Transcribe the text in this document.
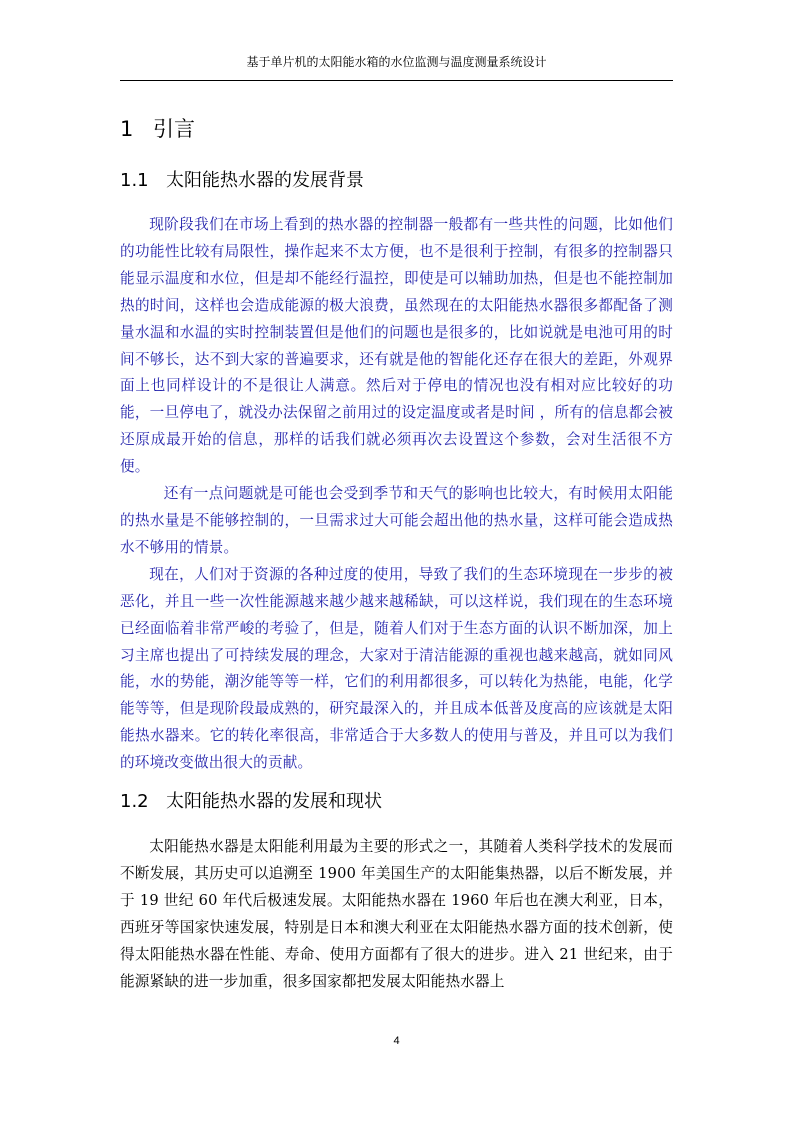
基于单片机的太阳能水箱的水位监测与温度测量系统设计
1 引言
1.1 太阳能热水器的发展背景

现阶段我们在市场上看到的热水器的控制器一般都有一些共性的问题，比如他们的功能性比较有局限性，操作起来不太方便，也不是很利于控制，有很多的控制器只能显示温度和水位，但是却不能经行温控，即使是可以辅助加热，但是也不能控制加热的时间，这样也会造成能源的极大浪费，虽然现在的太阳能热水器很多都配备了测量水温和水温的实时控制装置但是他们的问题也是很多的，比如说就是电池可用的时间不够长，达不到大家的普遍要求，还有就是他的智能化还存在很大的差距，外观界面上也同样设计的不是很让人满意。然后对于停电的情况也没有相对应比较好的功能，一旦停电了，就没办法保留之前用过的设定温度或者是时间 ，所有的信息都会被还原成最开始的信息，那样的话我们就必须再次去设置这个参数，会对生活很不方便。

还有一点问题就是可能也会受到季节和天气的影响也比较大，有时候用太阳能的热水量是不能够控制的，一旦需求过大可能会超出他的热水量，这样可能会造成热水不够用的情景。

现在，人们对于资源的各种过度的使用，导致了我们的生态环境现在一步步的被恶化，并且一些一次性能源越来越少越来越稀缺，可以这样说，我们现在的生态环境已经面临着非常严峻的考验了，但是，随着人们对于生态方面的认识不断加深，加上习主席也提出了可持续发展的理念，大家对于清洁能源的重视也越来越高，就如同风能，水的势能，潮汐能等等一样，它们的利用都很多，可以转化为热能，电能，化学能等等，但是现阶段最成熟的，研究最深入的，并且成本低普及度高的应该就是太阳能热水器来。它的转化率很高，非常适合于大多数人的使用与普及，并且可以为我们的环境改变做出很大的贡献。

1.2 太阳能热水器的发展和现状

太阳能热水器是太阳能利用最为主要的形式之一，其随着人类科学技术的发展而不断发展，其历史可以追溯至 1900 年美国生产的太阳能集热器，以后不断发展，并于 19 世纪 60 年代后极速发展。太阳能热水器在 1960 年后也在澳大利亚，日本，西班牙等国家快速发展，特别是日本和澳大利亚在太阳能热水器方面的技术创新，使得太阳能热水器在性能、寿命、使用方面都有了很大的进步。进入 21 世纪来，由于能源紧缺的进一步加重，很多国家都把发展太阳能热水器上

4
